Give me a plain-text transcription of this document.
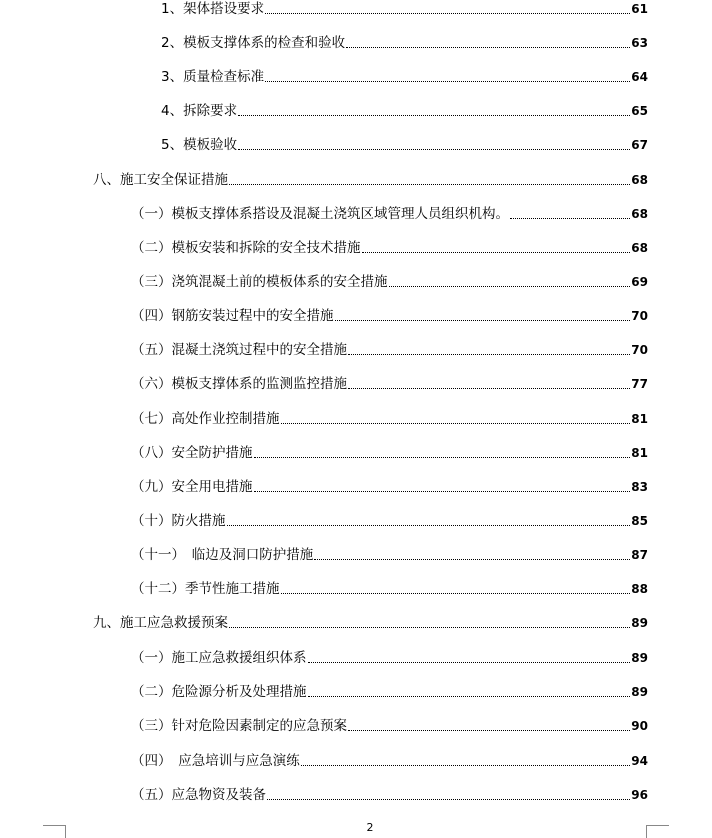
1、架体搭设要求	61
2、模板支撑体系的检查和验收	63
3、质量检查标准	64
4、拆除要求	65
5、模板验收	67
八、施工安全保证措施	68
（一）模板支撑体系搭设及混凝土浇筑区域管理人员组织机构。	68
（二）模板安装和拆除的安全技术措施	68
（三）浇筑混凝土前的模板体系的安全措施	69
（四）钢筋安装过程中的安全措施	70
（五）混凝土浇筑过程中的安全措施	70
（六）模板支撑体系的监测监控措施	77
（七）高处作业控制措施	81
（八）安全防护措施	81
（九）安全用电措施	83
（十）防火措施	85
（十一）　临边及洞口防护措施	87
（十二）季节性施工措施	88
九、施工应急救援预案	89
（一）施工应急救援组织体系	89
（二）危险源分析及处理措施	89
（三）针对危险因素制定的应急预案	90
（四）　应急培训与应急演练	94
（五）应急物资及装备	96
2
